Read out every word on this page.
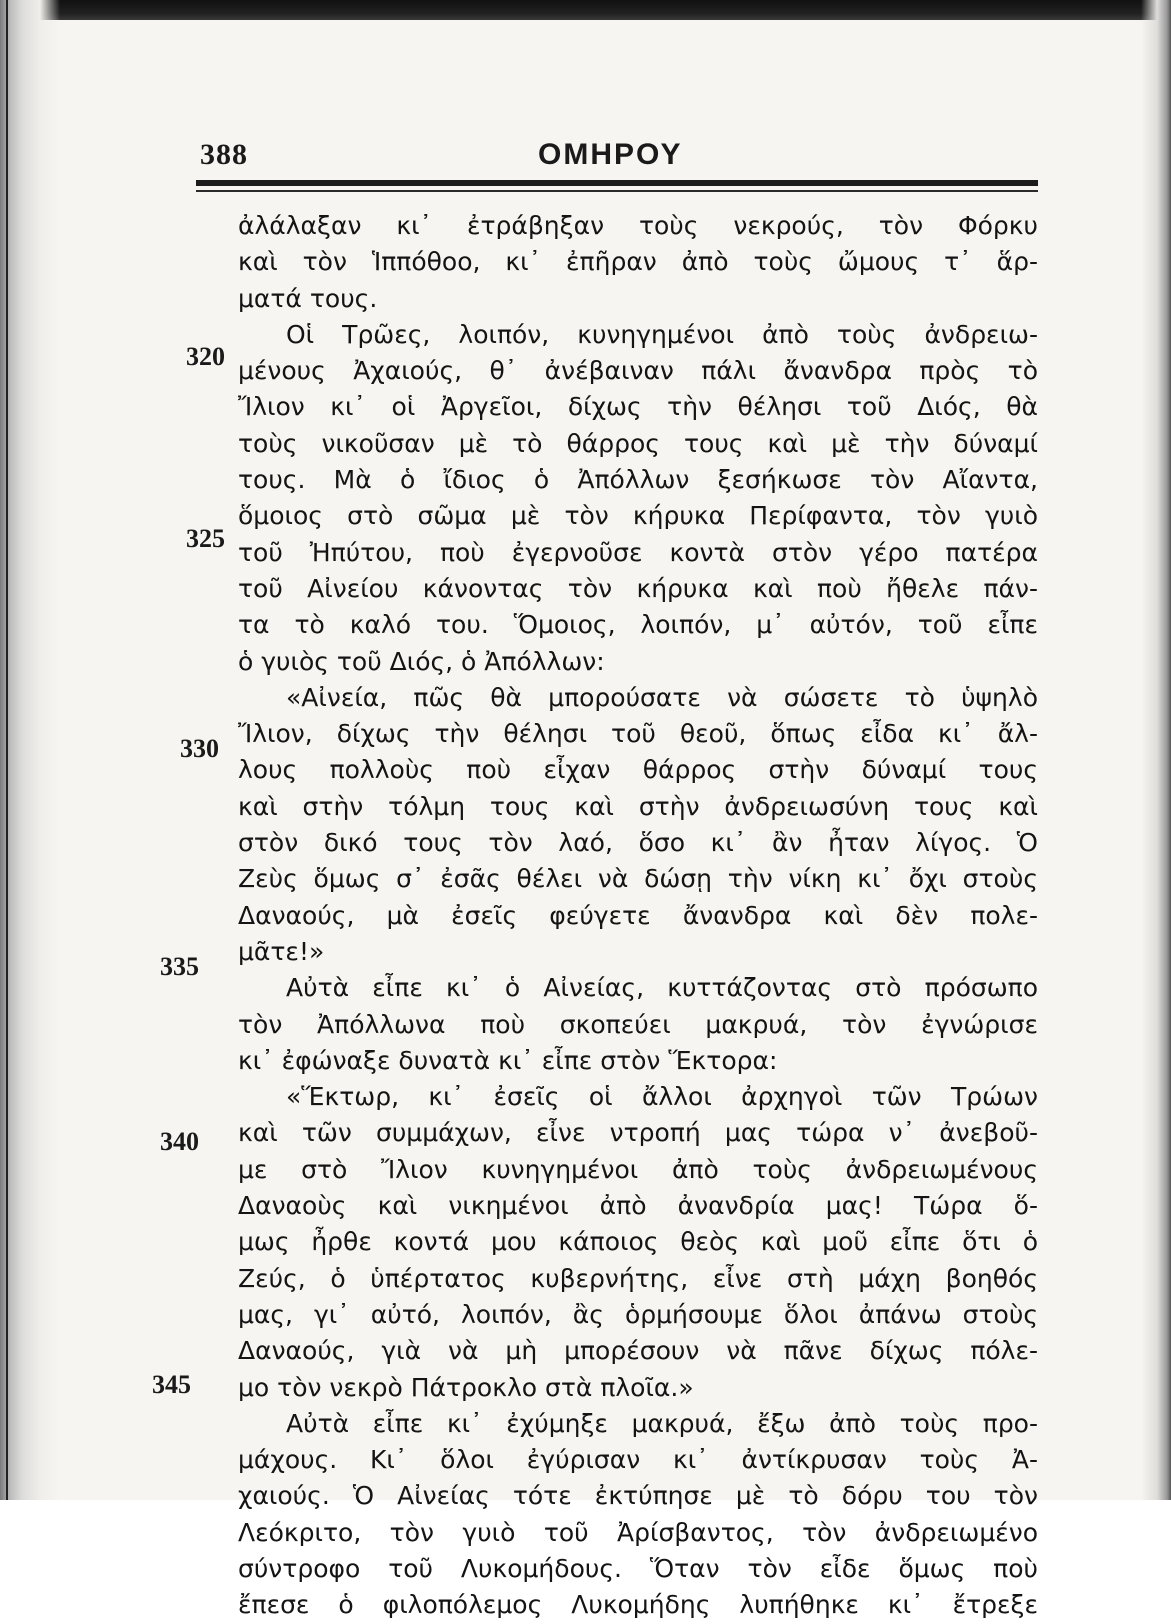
388	ΟΜΗΡΟΥ
ἀλάλαξαν κι᾿ ἐτράβηξαν τοὺς νεκρούς, τὸν Φόρκυ
καὶ τὸν Ἱππόθοο, κι᾿ ἐπῆραν ἀπὸ τοὺς ὤμους τ᾿ ἅρ-
ματά τους.
Οἱ Τρῶες, λοιπόν, κυνηγημένοι ἀπὸ τοὺς ἀνδρειω-
μένους Ἀχαιούς, θ᾿ ἀνέβαιναν πάλι ἄνανδρα πρὸς τὸ
Ἴλιον κι᾿ οἱ Ἀργεῖοι, δίχως τὴν θέλησι τοῦ Διός, θὰ
τοὺς νικοῦσαν μὲ τὸ θάρρος τους καὶ μὲ τὴν δύναμί
τους. Μὰ ὁ ἴδιος ὁ Ἀπόλλων ξεσήκωσε τὸν Αἴαντα,
ὅμοιος στὸ σῶμα μὲ τὸν κήρυκα Περίφαντα, τὸν γυιὸ
τοῦ Ἠπύτου, ποὺ ἐγερνοῦσε κοντὰ στὸν γέρο πατέρα
τοῦ Αἰνείου κάνοντας τὸν κήρυκα καὶ ποὺ ἤθελε πάν-
τα τὸ καλό του. Ὅμοιος, λοιπόν, μ᾿ αὐτόν, τοῦ εἶπε
ὁ γυιὸς τοῦ Διός, ὁ Ἀπόλλων:
«Αἰνεία, πῶς θὰ μπορούσατε νὰ σώσετε τὸ ὑψηλὸ
Ἴλιον, δίχως τὴν θέλησι τοῦ θεοῦ, ὅπως εἶδα κι᾿ ἄλ-
λους πολλοὺς ποὺ εἶχαν θάρρος στὴν δύναμί τους
καὶ στὴν τόλμη τους καὶ στὴν ἀνδρειωσύνη τους καὶ
στὸν δικό τους τὸν λαό, ὅσο κι᾿ ἂν ἦταν λίγος. Ὁ
Ζεὺς ὅμως σ᾿ ἐσᾶς θέλει νὰ δώσῃ τὴν νίκη κι᾿ ὄχι στοὺς
Δαναούς, μὰ ἐσεῖς φεύγετε ἄνανδρα καὶ δὲν πολε-
μᾶτε!»
Αὐτὰ εἶπε κι᾿ ὁ Αἰνείας, κυττάζοντας στὸ πρόσωπο
τὸν Ἀπόλλωνα ποὺ σκοπεύει μακρυά, τὸν ἐγνώρισε
κι᾿ ἐφώναξε δυνατὰ κι᾿ εἶπε στὸν Ἕκτορα:
«Ἕκτωρ, κι᾿ ἐσεῖς οἱ ἄλλοι ἀρχηγοὶ τῶν Τρώων
καὶ τῶν συμμάχων, εἶνε ντροπή μας τώρα ν᾿ ἀνεβοῦ-
με στὸ Ἴλιον κυνηγημένοι ἀπὸ τοὺς ἀνδρειωμένους
Δαναοὺς καὶ νικημένοι ἀπὸ ἀνανδρία μας! Τώρα ὅ-
μως ἦρθε κοντά μου κάποιος θεὸς καὶ μοῦ εἶπε ὅτι ὁ
Ζεύς, ὁ ὑπέρτατος κυβερνήτης, εἶνε στὴ μάχη βοηθός
μας, γι᾿ αὐτό, λοιπόν, ἂς ὁρμήσουμε ὅλοι ἀπάνω στοὺς
Δαναούς, γιὰ νὰ μὴ μπορέσουν νὰ πᾶνε δίχως πόλε-
μο τὸν νεκρὸ Πάτροκλο στὰ πλοῖα.»
Αὐτὰ εἶπε κι᾿ ἐχύμηξε μακρυά, ἔξω ἀπὸ τοὺς προ-
μάχους. Κι᾿ ὅλοι ἐγύρισαν κι᾿ ἀντίκρυσαν τοὺς Ἀ-
χαιούς. Ὁ Αἰνείας τότε ἐκτύπησε μὲ τὸ δόρυ του τὸν
Λεόκριτο, τὸν γυιὸ τοῦ Ἀρίσβαντος, τὸν ἀνδρειωμένο
σύντροφο τοῦ Λυκομήδους. Ὅταν τὸν εἶδε ὅμως ποὺ
ἔπεσε ὁ φιλοπόλεμος Λυκομήδης λυπήθηκε κι᾿ ἔτρεξε
320
325
330
335
340
345
